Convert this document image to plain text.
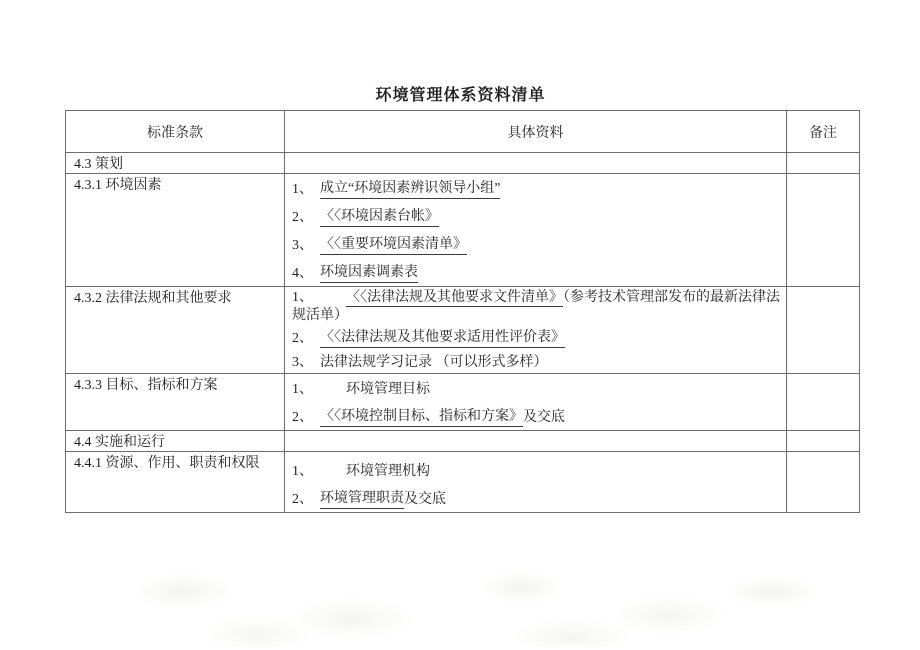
环境管理体系资料清单
标准条款	具体资料	备注

4.3 策划		

4.3.1 环境因素	1、 成立“环境因素辨识领导小组”
2、 〈〈环境因素台帐》
3、 〈〈重要环境因素清单》
4、 环境因素调素表

4.3.2 法律法规和其他要求	1、 〈〈法律法规及其他要求文件清单》（参考技术管理部发布的最新法律法规活单）
2、 〈〈法律法规及其他要求适用性评价表》
3、 法律法规学习记录 （可以形式多样）	

4.3.3 目标、指标和方案	1、 环境管理目标
2、 〈〈环境控制目标、指标和方案》 及交底	

4.4 实施和运行		

4.4.1 资源、作用、职责和权限	1、 环境管理机构
2、 环境管理职责 及交底	
